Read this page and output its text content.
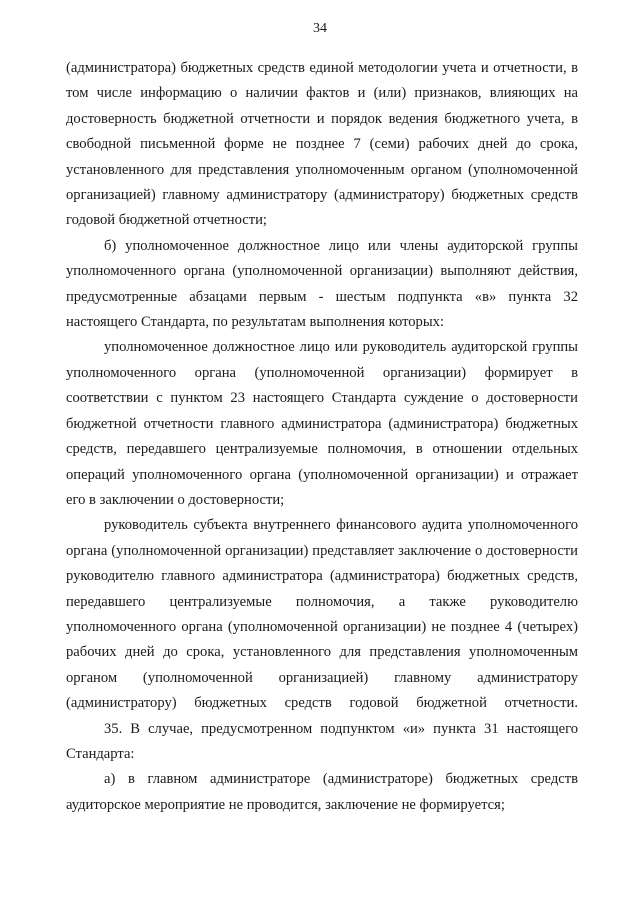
34

(администратора) бюджетных средств единой методологии учета и отчетности, в том числе информацию о наличии фактов и (или) признаков, влияющих на достоверность бюджетной отчетности и порядок ведения бюджетного учета, в свободной письменной форме не позднее 7 (семи) рабочих дней до срока, установленного для представления уполномоченным органом (уполномоченной организацией) главному администратору (администратору) бюджетных средств годовой бюджетной отчетности;

б) уполномоченное должностное лицо или члены аудиторской группы уполномоченного органа (уполномоченной организации) выполняют действия, предусмотренные абзацами первым - шестым подпункта «в» пункта 32 настоящего Стандарта, по результатам выполнения которых:

уполномоченное должностное лицо или руководитель аудиторской группы уполномоченного органа (уполномоченной организации) формирует в соответствии с пунктом 23 настоящего Стандарта суждение о достоверности бюджетной отчетности главного администратора (администратора) бюджетных средств, передавшего централизуемые полномочия, в отношении отдельных операций уполномоченного органа (уполномоченной организации) и отражает его в заключении о достоверности;

руководитель субъекта внутреннего финансового аудита уполномоченного органа (уполномоченной организации) представляет заключение о достоверности руководителю главного администратора (администратора) бюджетных средств, передавшего централизуемые полномочия, а также руководителю уполномоченного органа (уполномоченной организации) не позднее 4 (четырех) рабочих дней до срока, установленного для представления уполномоченным органом (уполномоченной организацией) главному администратору (администратору) бюджетных средств годовой бюджетной отчетности.

35. В случае, предусмотренном подпунктом «и» пункта 31 настоящего Стандарта:

а) в главном администраторе (администраторе) бюджетных средств аудиторское мероприятие не проводится, заключение не формируется;
